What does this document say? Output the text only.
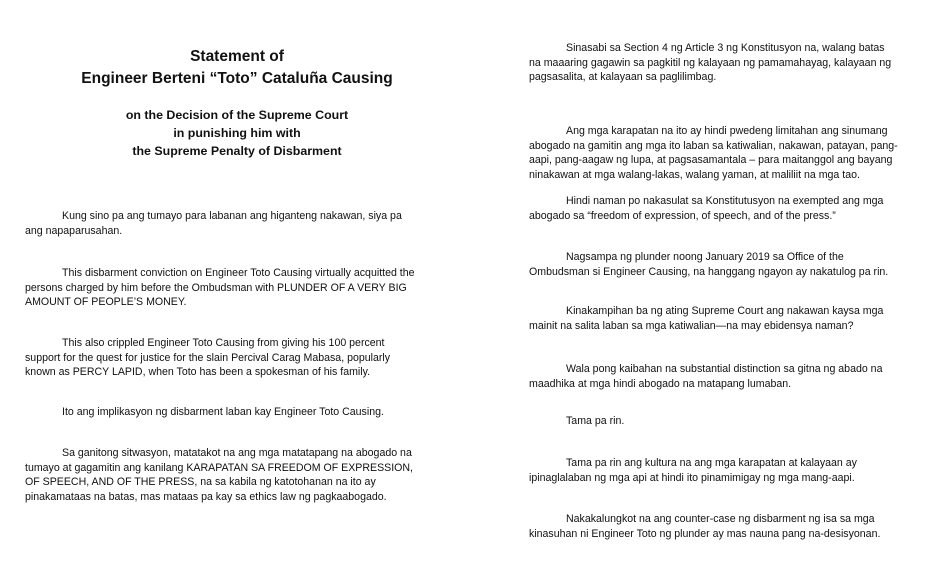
Statement of
Engineer Berteni “Toto” Cataluña Causing
on the Decision of the Supreme Court
in punishing him with
the Supreme Penalty of Disbarment

Kung sino pa ang tumayo para labanan ang higanteng nakawan, siya pa ang napaparusahan.

This disbarment conviction on Engineer Toto Causing virtually acquitted the persons charged by him before the Ombudsman with PLUNDER OF A VERY BIG AMOUNT OF PEOPLE’S MONEY.

This also crippled Engineer Toto Causing from giving his 100 percent support for the quest for justice for the slain Percival Carag Mabasa, popularly known as PERCY LAPID, when Toto has been a spokesman of his family.

Ito ang implikasyon ng disbarment laban kay Engineer Toto Causing.

Sa ganitong sitwasyon, matatakot na ang mga matatapang na abogado na tumayo at gagamitin ang kanilang KARAPATAN SA FREEDOM OF EXPRESSION, OF SPEECH, AND OF THE PRESS, na sa kabila ng katotohanan na ito ay pinakamataas na batas, mas mataas pa kay sa ethics law ng pagkaabogado.

Sinasabi sa Section 4 ng Article 3 ng Konstitusyon na, walang batas na maaaring gagawin sa pagkitil ng kalayaan ng pamamahayag, kalayaan ng pagsasalita, at kalayaan sa paglilimbag.

Ang mga karapatan na ito ay hindi pwedeng limitahan ang sinumang abogado na gamitin ang mga ito laban sa katiwalian, nakawan, patayan, pang-aapi, pang-aagaw ng lupa, at pagsasamantala – para maitanggol ang bayang ninakawan at mga walang-lakas, walang yaman, at maliliit na mga tao.

Hindi naman po nakasulat sa Konstitutusyon na exempted ang mga abogado sa “freedom of expression, of speech, and of the press.”

Nagsampa ng plunder noong January 2019 sa Office of the Ombudsman si Engineer Causing, na hanggang ngayon ay nakatulog pa rin.

Kinakampihan ba ng ating Supreme Court ang nakawan kaysa mga mainit na salita laban sa mga katiwalian—na may ebidensya naman?

Wala pong kaibahan na substantial distinction sa gitna ng abado na maadhika at mga hindi abogado na matapang lumaban.

Tama pa rin.

Tama pa rin ang kultura na ang mga karapatan at kalayaan ay ipinaglalaban ng mga api at hindi ito pinamimigay ng mga mang-aapi.

Nakakalungkot na ang counter-case ng disbarment ng isa sa mga kinasuhan ni Engineer Toto ng plunder ay mas nauna pang na-desisyonan.
